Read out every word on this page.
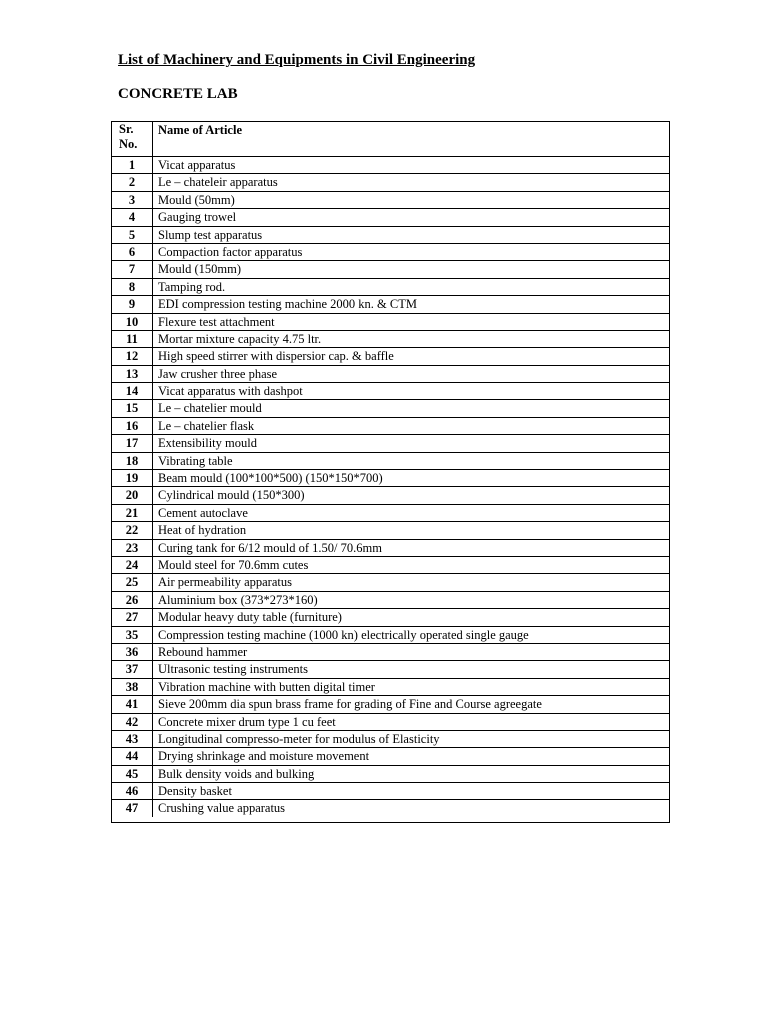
List of Machinery and Equipments in Civil Engineering
CONCRETE LAB
Sr. No.	Name of Article
1	Vicat apparatus
2	Le – chateleir apparatus
3	Mould (50mm)
4	Gauging trowel
5	Slump test apparatus
6	Compaction factor apparatus
7	Mould (150mm)
8	Tamping rod.
9	EDI compression testing machine 2000 kn. & CTM
10	Flexure test attachment
11	Mortar mixture capacity 4.75 ltr.
12	High speed stirrer with dispersior cap. & baffle
13	Jaw crusher three phase
14	Vicat apparatus with dashpot
15	Le – chatelier mould
16	Le – chatelier flask
17	Extensibility mould
18	Vibrating table
19	Beam mould (100*100*500) (150*150*700)
20	Cylindrical mould (150*300)
21	Cement autoclave
22	Heat of hydration
23	Curing tank for 6/12 mould of 1.50/ 70.6mm
24	Mould steel for 70.6mm cutes
25	Air permeability apparatus
26	Aluminium box (373*273*160)
27	Modular heavy duty table (furniture)
35	Compression testing machine (1000 kn) electrically operated single gauge
36	Rebound hammer
37	Ultrasonic testing instruments
38	Vibration machine with butten digital timer
41	Sieve 200mm dia spun brass frame for grading of Fine and Course agreegate
42	Concrete mixer drum type 1 cu feet
43	Longitudinal compresso-meter for modulus of Elasticity
44	Drying shrinkage and moisture movement
45	Bulk density voids and bulking
46	Density basket
47	Crushing value apparatus
